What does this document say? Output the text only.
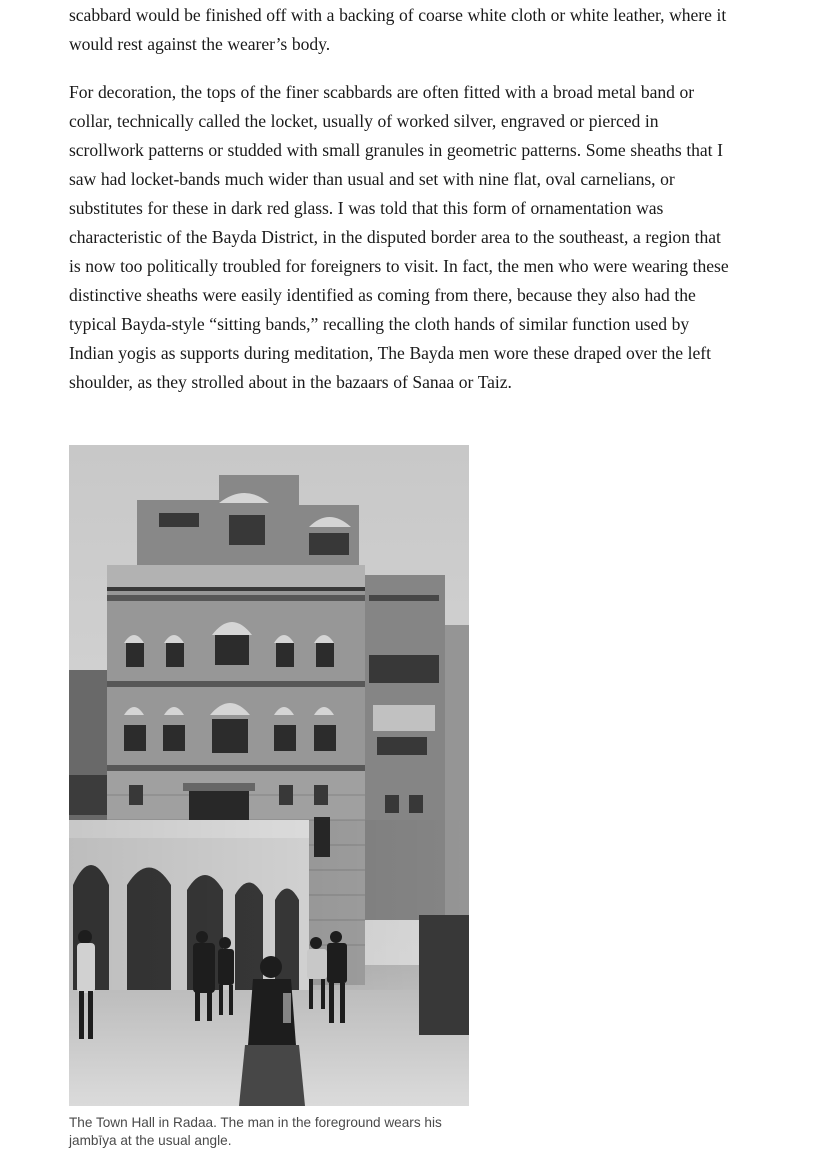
scabbard would be finished off with a backing of coarse white cloth or white leather, where it would rest against the wearer’s body.

For decoration, the tops of the finer scabbards are often fitted with a broad metal band or collar, technically called the locket, usually of worked silver, engraved or pierced in scrollwork patterns or studded with small granules in geometric patterns. Some sheaths that I saw had locket-bands much wider than usual and set with nine flat, oval carnelians, or substitutes for these in dark red glass. I was told that this form of ornamentation was characteristic of the Bayda District, in the disputed border area to the southeast, a region that is now too politically troubled for foreigners to visit. In fact, the men who were wearing these distinctive sheaths were easily identified as coming from there, because they also had the typical Bayda-style “sitting bands,” recalling the cloth hands of similar function used by Indian yogis as supports during meditation, The Bayda men wore these draped over the left shoulder, as they strolled about in the bazaars of Sanaa or Taiz.

The Town Hall in Radaa. The man in the foreground wears his jambīya at the usual angle.
